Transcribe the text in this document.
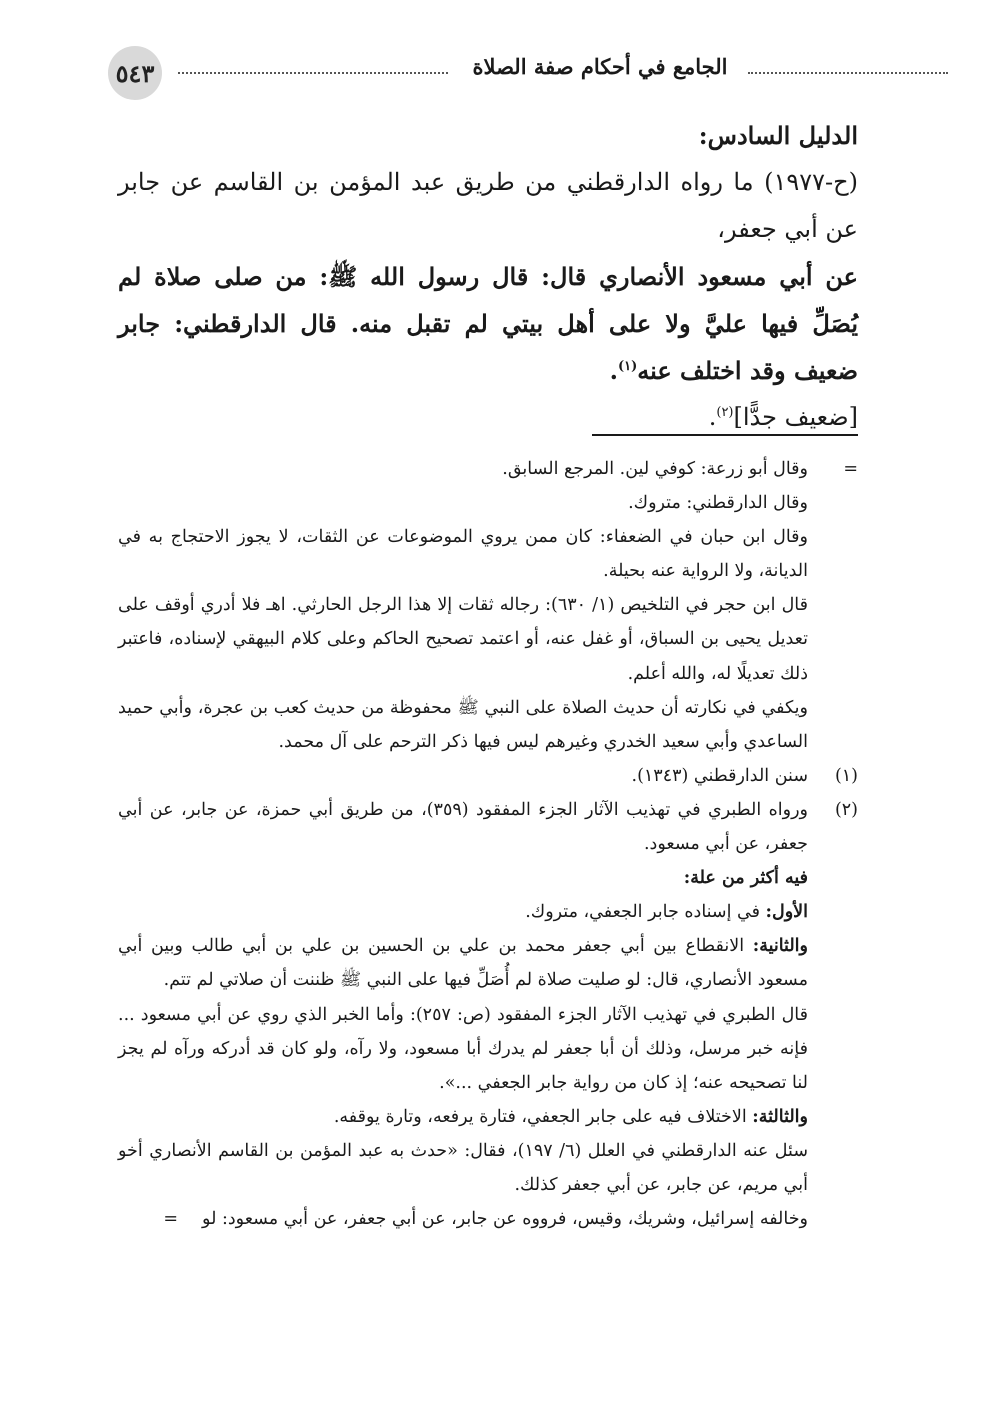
٥٤٣	الجامع في أحكام صفة الصلاة

الدليل السادس:

(ح-١٩٧٧) ما رواه الدارقطني من طريق عبد المؤمن بن القاسم عن جابر عن أبي جعفر،

عن أبي مسعود الأنصاري قال: قال رسول الله ﷺ: من صلى صلاة لم يُصَلِّ فيها عليَّ ولا على أهل بيتي لم تقبل منه. قال الدارقطني: جابر ضعيف وقد اختلف عنه$^{(١)}$.

[ضعيف جدًّا]$^{(٢)}$.

=

وقال أبو زرعة: كوفي لين. المرجع السابق.

وقال الدارقطني: متروك.

وقال ابن حبان في الضعفاء: كان ممن يروي الموضوعات عن الثقات، لا يجوز الاحتجاج به في الديانة، ولا الرواية عنه بحيلة.

قال ابن حجر في التلخيص (١/ ٦٣٠): رجاله ثقات إلا هذا الرجل الحارثي. اهـ فلا أدري أوقف على تعديل يحيى بن السباق، أو غفل عنه، أو اعتمد تصحيح الحاكم وعلى كلام البيهقي لإسناده، فاعتبر ذلك تعديلًا له، والله أعلم.

ويكفي في نكارته أن حديث الصلاة على النبي ﷺ محفوظة من حديث كعب بن عجرة، وأبي حميد الساعدي وأبي سعيد الخدري وغيرهم ليس فيها ذكر الترحم على آل محمد.

(١)

سنن الدارقطني (١٣٤٣).

(٢)

ورواه الطبري في تهذيب الآثار الجزء المفقود (٣٥٩)، من طريق أبي حمزة، عن جابر، عن أبي جعفر، عن أبي مسعود.

فيه أكثر من علة:

الأول: في إسناده جابر الجعفي، متروك.

والثانية: الانقطاع بين أبي جعفر محمد بن علي بن الحسين بن علي بن أبي طالب وبين أبي مسعود الأنصاري، قال: لو صليت صلاة لم أُصَلِّ فيها على النبي ﷺ ظننت أن صلاتي لم تتم.

قال الطبري في تهذيب الآثار الجزء المفقود (ص: ٢٥٧): وأما الخبر الذي روي عن أبي مسعود ... فإنه خبر مرسل، وذلك أن أبا جعفر لم يدرك أبا مسعود، ولا رآه، ولو كان قد أدركه ورآه لم يجز لنا تصحيحه عنه؛ إذ كان من رواية جابر الجعفي ...».

والثالثة: الاختلاف فيه على جابر الجعفي، فتارة يرفعه، وتارة يوقفه.

سئل عنه الدارقطني في العلل (٦/ ١٩٧)، فقال: «حدث به عبد المؤمن بن القاسم الأنصاري أخو أبي مريم، عن جابر، عن أبي جعفر كذلك.

وخالفه إسرائيل، وشريك، وقيس، فرووه عن جابر، عن أبي جعفر، عن أبي مسعود: لو=
